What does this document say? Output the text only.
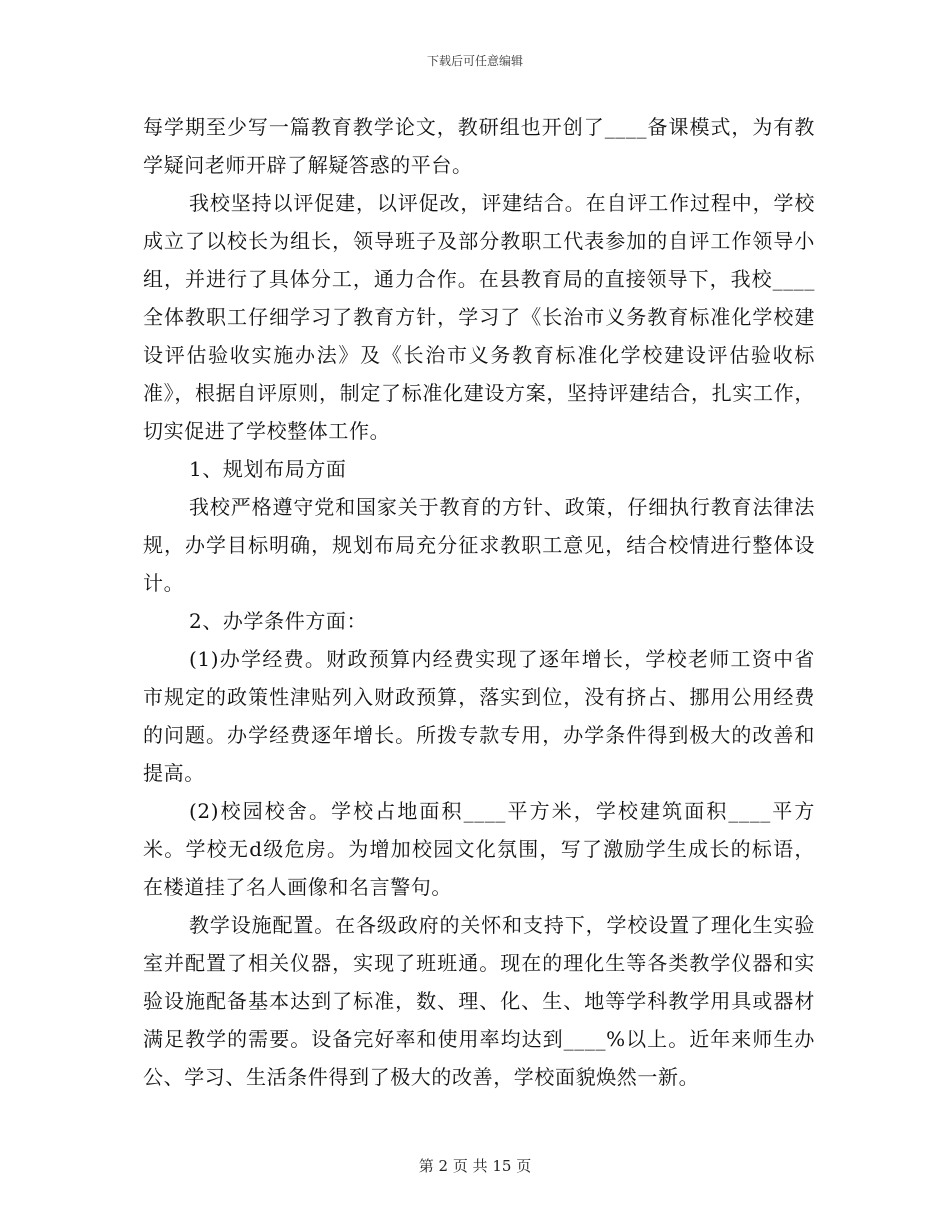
下载后可任意编辑

每学期至少写一篇教育教学论文，教研组也开创了____备课模式，为有教学疑问老师开辟了解疑答惑的平台。

我校坚持以评促建，以评促改，评建结合。在自评工作过程中，学校成立了以校长为组长，领导班子及部分教职工代表参加的自评工作领导小组，并进行了具体分工，通力合作。在县教育局的直接领导下，我校____全体教职工仔细学习了教育方针，学习了《长治市义务教育标准化学校建设评估验收实施办法》及《长治市义务教育标准化学校建设评估验收标准》，根据自评原则，制定了标准化建设方案，坚持评建结合，扎实工作，切实促进了学校整体工作。

1、规划布局方面

我校严格遵守党和国家关于教育的方针、政策，仔细执行教育法律法规，办学目标明确，规划布局充分征求教职工意见，结合校情进行整体设计。

2、办学条件方面：

(1)办学经费。财政预算内经费实现了逐年增长，学校老师工资中省市规定的政策性津贴列入财政预算，落实到位，没有挤占、挪用公用经费的问题。办学经费逐年增长。所拨专款专用，办学条件得到极大的改善和提高。

(2)校园校舍。学校占地面积____平方米，学校建筑面积____平方米。学校无d级危房。为增加校园文化氛围，写了激励学生成长的标语，在楼道挂了名人画像和名言警句。

教学设施配置。在各级政府的关怀和支持下，学校设置了理化生实验室并配置了相关仪器，实现了班班通。现在的理化生等各类教学仪器和实验设施配备基本达到了标准，数、理、化、生、地等学科教学用具或器材满足教学的需要。设备完好率和使用率均达到____%以上。近年来师生办公、学习、生活条件得到了极大的改善，学校面貌焕然一新。

第 2 页 共 15 页
